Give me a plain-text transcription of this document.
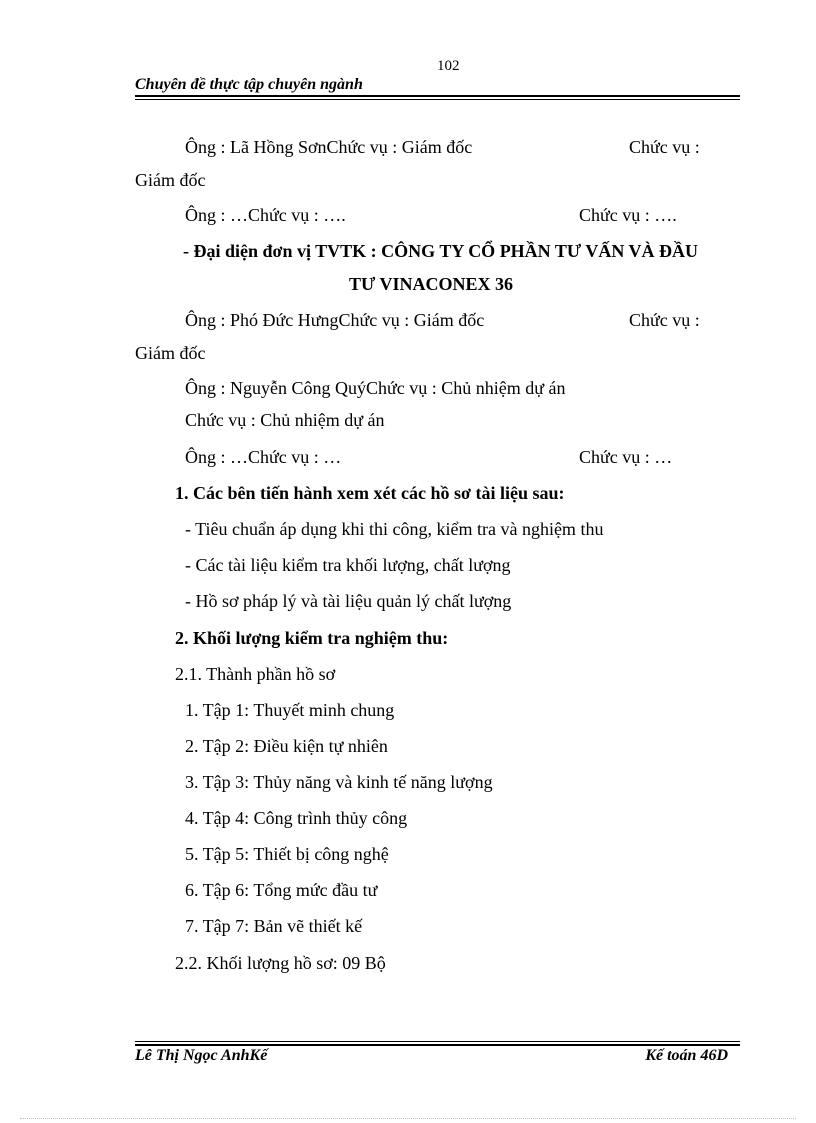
102
Chuyên đề thực tập chuyên ngành
Ông : Lã Hồng SơnChức vụ : Giám đốc	Chức vụ :
Giám đốc
Ông : …Chức vụ : ….	Chức vụ : ….
- Đại diện đơn vị TVTK : CÔNG TY CỔ PHẦN TƯ VẤN VÀ ĐẦU
TƯ VINACONEX 36
Ông : Phó Đức HưngChức vụ : Giám đốc	Chức vụ :
Giám đốc
Ông : Nguyễn Công QuýChức vụ : Chủ nhiệm dự án
Chức vụ : Chủ nhiệm dự án
Ông : …Chức vụ : …	Chức vụ : …
1. Các bên tiến hành xem xét các hồ sơ tài liệu sau:
- Tiêu chuẩn áp dụng khi thi công, kiểm tra và nghiệm thu
- Các tài liệu kiểm tra khối lượng, chất lượng
- Hồ sơ pháp lý và tài liệu quản lý chất lượng
2. Khối lượng kiểm tra nghiệm thu:
2.1. Thành phần hồ sơ
1. Tập 1: Thuyết minh chung
2. Tập 2: Điều kiện tự nhiên
3. Tập 3: Thủy năng và kinh tế năng lượng
4. Tập 4: Công trình thủy công
5. Tập 5: Thiết bị công nghệ
6. Tập 6: Tổng mức đầu tư
7. Tập 7: Bản vẽ thiết kế
2.2. Khối lượng hồ sơ: 09 Bộ
Lê Thị Ngọc AnhKế	Kế toán 46D
